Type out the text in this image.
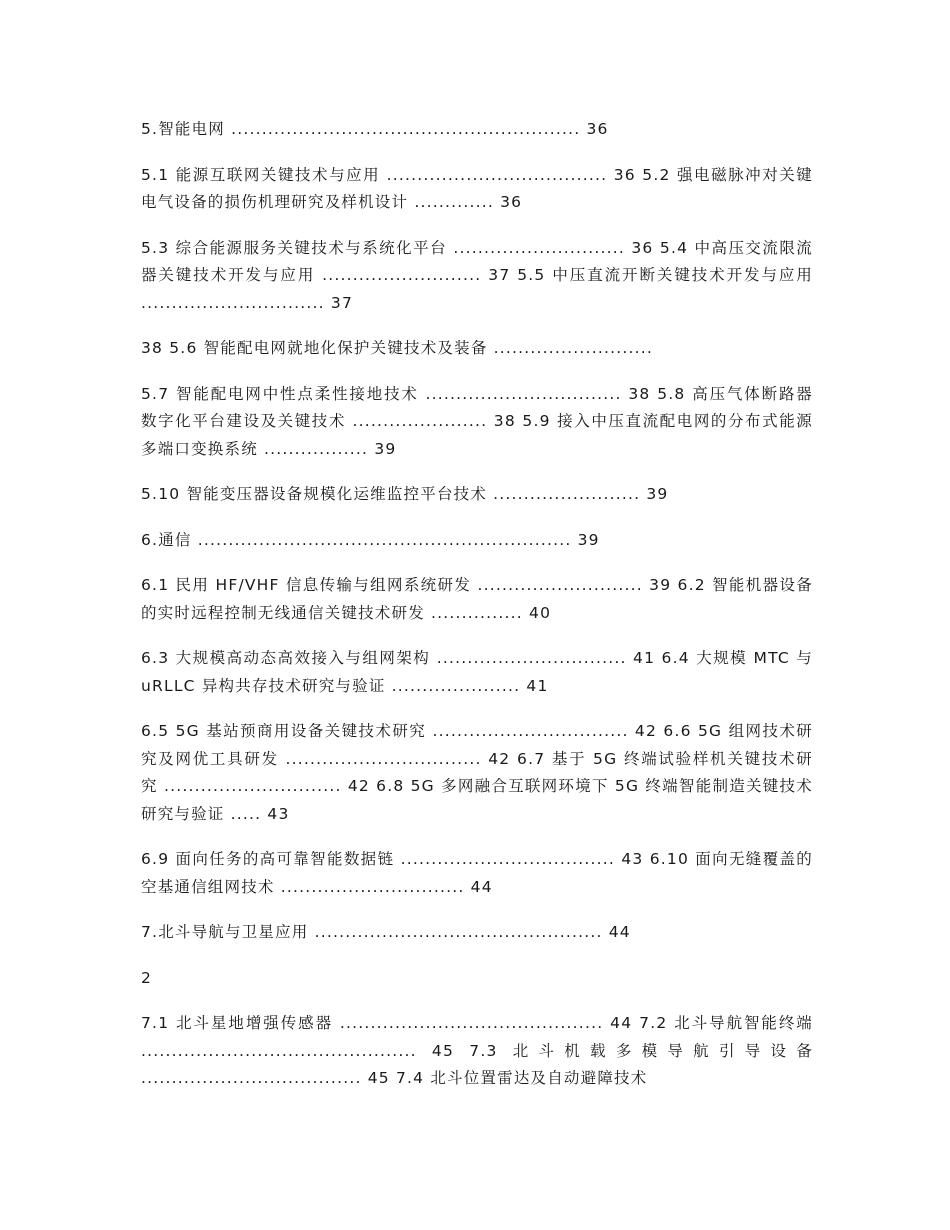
5.智能电网 ......................................................... 36

5.1 能源互联网关键技术与应用 .................................... 36 5.2 强电磁脉冲对关键电气设备的损伤机理研究及样机设计 ............. 36

5.3 综合能源服务关键技术与系统化平台 ............................ 36 5.4 中高压交流限流器关键技术开发与应用 .......................... 37 5.5 中压直流开断关键技术开发与应用 .............................. 37

38 5.6 智能配电网就地化保护关键技术及装备 ..........................

5.7 智能配电网中性点柔性接地技术 ................................ 38 5.8 高压气体断路器数字化平台建设及关键技术 ...................... 38 5.9 接入中压直流配电网的分布式能源多端口变换系统 ................. 39

5.10 智能变压器设备规模化运维监控平台技术 ........................ 39

6.通信 ............................................................. 39

6.1 民用 HF/VHF 信息传输与组网系统研发 ........................... 39 6.2 智能机器设备的实时远程控制无线通信关键技术研发 ............... 40

6.3 大规模高动态高效接入与组网架构 ............................... 41 6.4 大规模 MTC 与 uRLLC 异构共存技术研究与验证 ..................... 41

6.5 5G 基站预商用设备关键技术研究 ................................ 42 6.6 5G 组网技术研究及网优工具研发 ................................ 42 6.7 基于 5G 终端试验样机关键技术研究 ............................. 42 6.8 5G 多网融合互联网环境下 5G 终端智能制造关键技术研究与验证 ..... 43

6.9 面向任务的高可靠智能数据链 ................................... 43 6.10 面向无缝覆盖的空基通信组网技术 .............................. 44

7.北斗导航与卫星应用 ............................................... 44

2

7.1 北斗星地增强传感器 ........................................... 44 7.2 北斗导航智能终端 ............................................. 45 7.3 北斗机载多模导航引导设备 .................................... 45 7.4 北斗位置雷达及自动避障技术
